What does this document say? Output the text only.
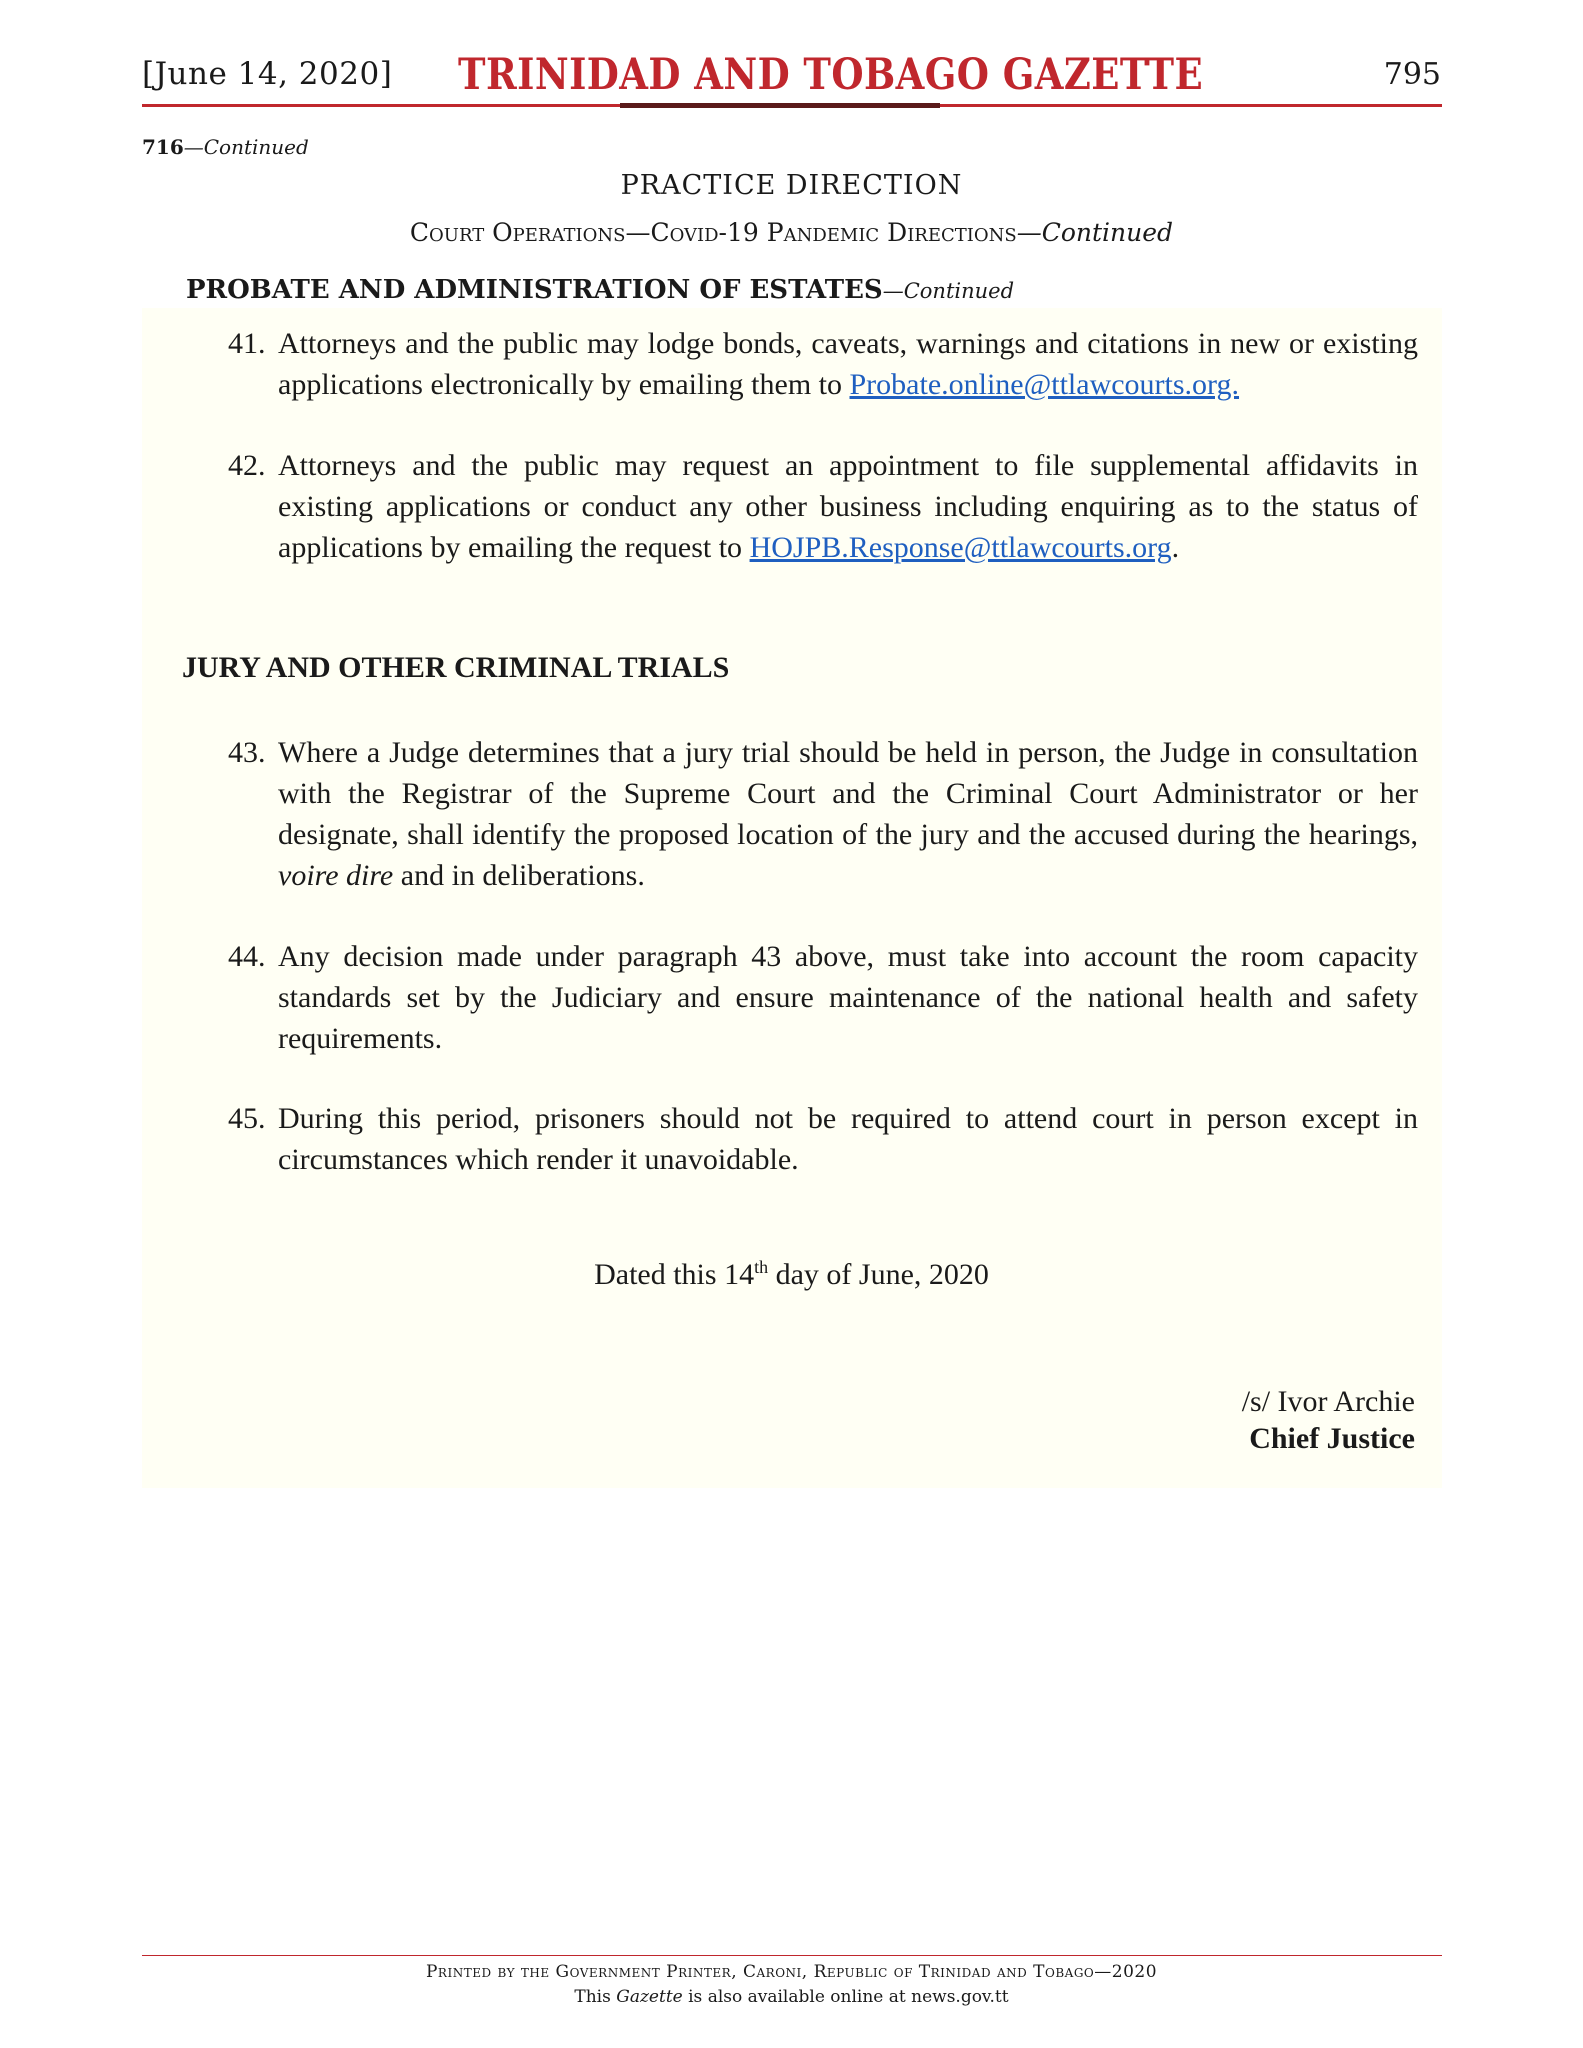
[June 14, 2020] TRINIDAD AND TOBAGO GAZETTE	795
716—Continued
PRACTICE DIRECTION
Court Operations—Covid-19 Pandemic Directions—Continued
PROBATE AND ADMINISTRATION OF ESTATES—Continued
41. Attorneys and the public may lodge bonds, caveats, warnings and citations in new or existing applications electronically by emailing them to Probate.online@ttlawcourts.org.
42. Attorneys and the public may request an appointment to file supplemental affidavits in existing applications or conduct any other business including enquiring as to the status of applications by emailing the request to HOJPB.Response@ttlawcourts.org.
JURY AND OTHER CRIMINAL TRIALS
43. Where a Judge determines that a jury trial should be held in person, the Judge in consultation with the Registrar of the Supreme Court and the Criminal Court Administrator or her designate, shall identify the proposed location of the jury and the accused during the hearings, voire dire and in deliberations.
44. Any decision made under paragraph 43 above, must take into account the room capacity standards set by the Judiciary and ensure maintenance of the national health and safety requirements.
45. During this period, prisoners should not be required to attend court in person except in circumstances which render it unavoidable.
Dated this 14th day of June, 2020
/s/ Ivor Archie
Chief Justice
Printed by the Government Printer, Caroni, Republic of Trinidad and Tobago—2020
This Gazette is also available online at news.gov.tt
